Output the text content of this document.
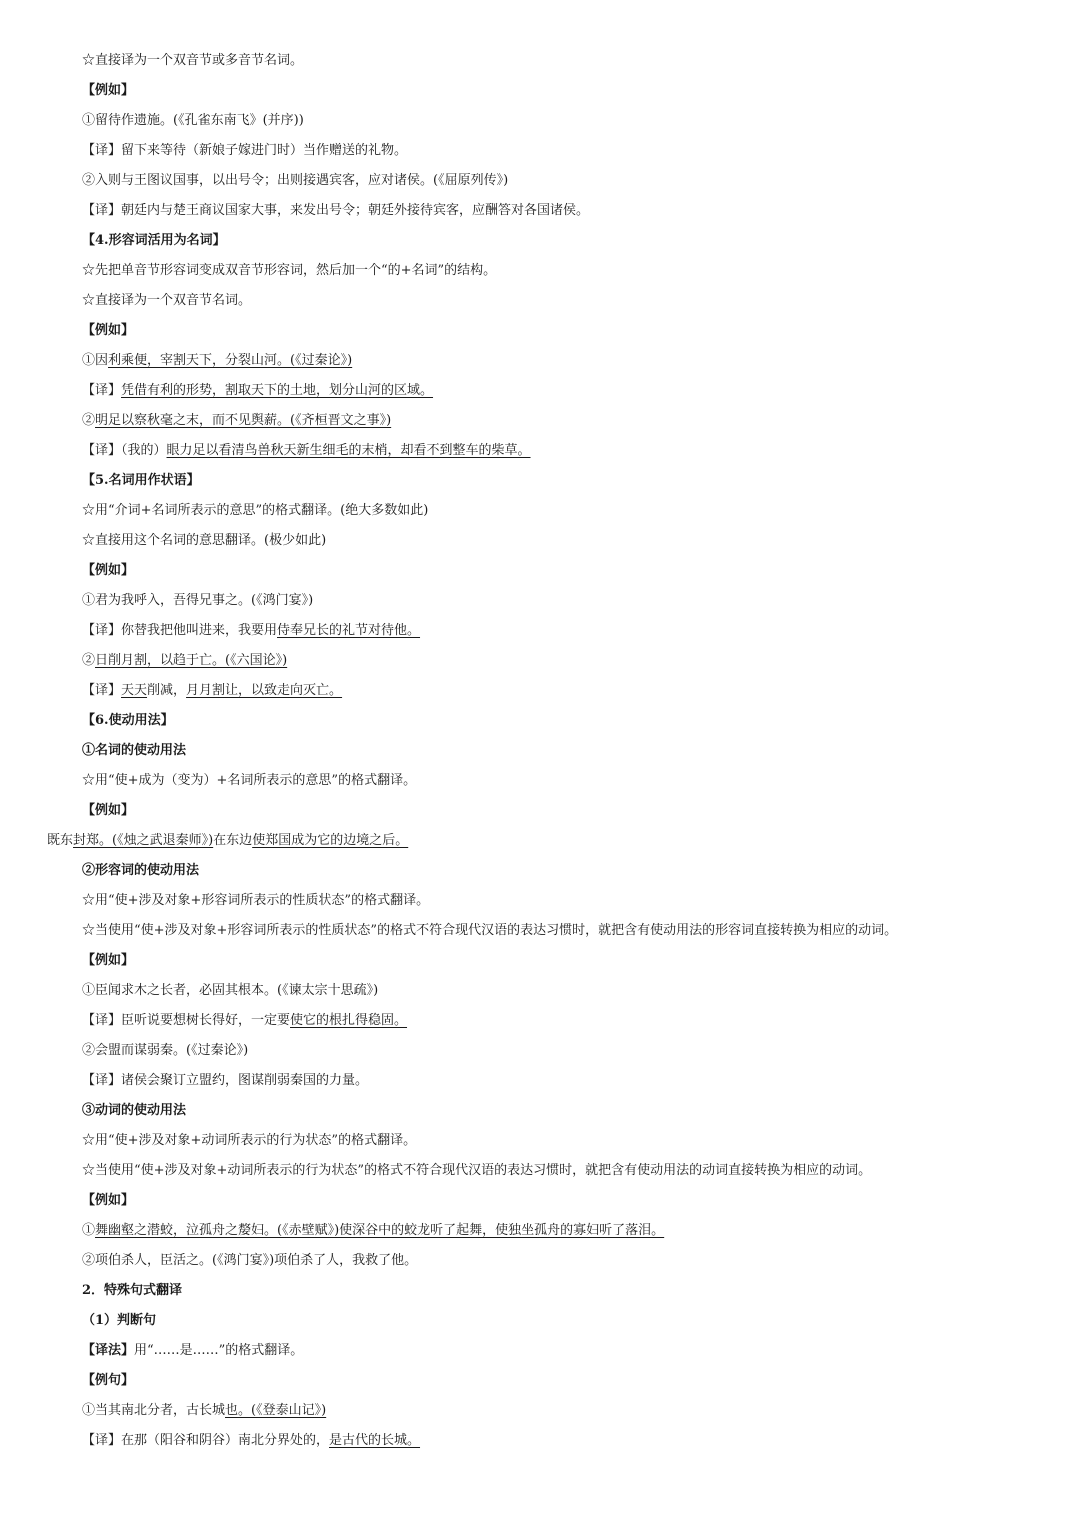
☆直接译为一个双音节或多音节名词。
【例如】
①留待作遗施。(《孔雀东南飞》(并序))
【译】留下来等待（新娘子嫁进门时）当作赠送的礼物。
②入则与王图议国事，以出号令；出则接遇宾客，应对诸侯。(《屈原列传》)
【译】朝廷内与楚王商议国家大事，来发出号令；朝廷外接待宾客，应酬答对各国诸侯。
【4.形容词活用为名词】
☆先把单音节形容词变成双音节形容词，然后加一个“的+名词”的结构。
☆直接译为一个双音节名词。
【例如】
①因利乘便，宰割天下，分裂山河。(《过秦论》)
【译】凭借有利的形势，割取天下的土地，划分山河的区域。
②明足以察秋毫之末，而不见舆薪。(《齐桓晋文之事》)
【译】（我的）眼力足以看清鸟兽秋天新生细毛的末梢，却看不到整车的柴草。
【5.名词用作状语】
☆用“介词+名词所表示的意思”的格式翻译。(绝大多数如此)
☆直接用这个名词的意思翻译。(极少如此)
【例如】
①君为我呼入，吾得兄事之。(《鸿门宴》)
【译】你替我把他叫进来，我要用侍奉兄长的礼节对待他。
②日削月割，以趋于亡。(《六国论》)
【译】天天削减，月月割让，以致走向灭亡。
【6.使动用法】
①名词的使动用法
☆用“使+成为（变为）+名词所表示的意思”的格式翻译。
【例如】
既东封郑。(《烛之武退秦师》)在东边使郑国成为它的边境之后。
②形容词的使动用法
☆用“使+涉及对象+形容词所表示的性质状态”的格式翻译。
☆当使用“使+涉及对象+形容词所表示的性质状态”的格式不符合现代汉语的表达习惯时，就把含有使动用法的形容词直接转换为相应的动词。
【例如】
①臣闻求木之长者，必固其根本。(《谏太宗十思疏》)
【译】臣听说要想树长得好，一定要使它的根扎得稳固。
②会盟而谋弱秦。(《过秦论》)
【译】诸侯会聚订立盟约，图谋削弱秦国的力量。
③动词的使动用法
☆用“使+涉及对象+动词所表示的行为状态”的格式翻译。
☆当使用“使+涉及对象+动词所表示的行为状态”的格式不符合现代汉语的表达习惯时，就把含有使动用法的动词直接转换为相应的动词。
【例如】
①舞幽壑之潜蛟，泣孤舟之嫠妇。(《赤壁赋》)使深谷中的蛟龙听了起舞，使独坐孤舟的寡妇听了落泪。
②项伯杀人，臣活之。(《鸿门宴》)项伯杀了人，我救了他。
2．特殊句式翻译
（1）判断句
【译法】用“……是……”的格式翻译。
【例句】
①当其南北分者，古长城也。(《登泰山记》)
【译】在那（阳谷和阴谷）南北分界处的，是古代的长城。
